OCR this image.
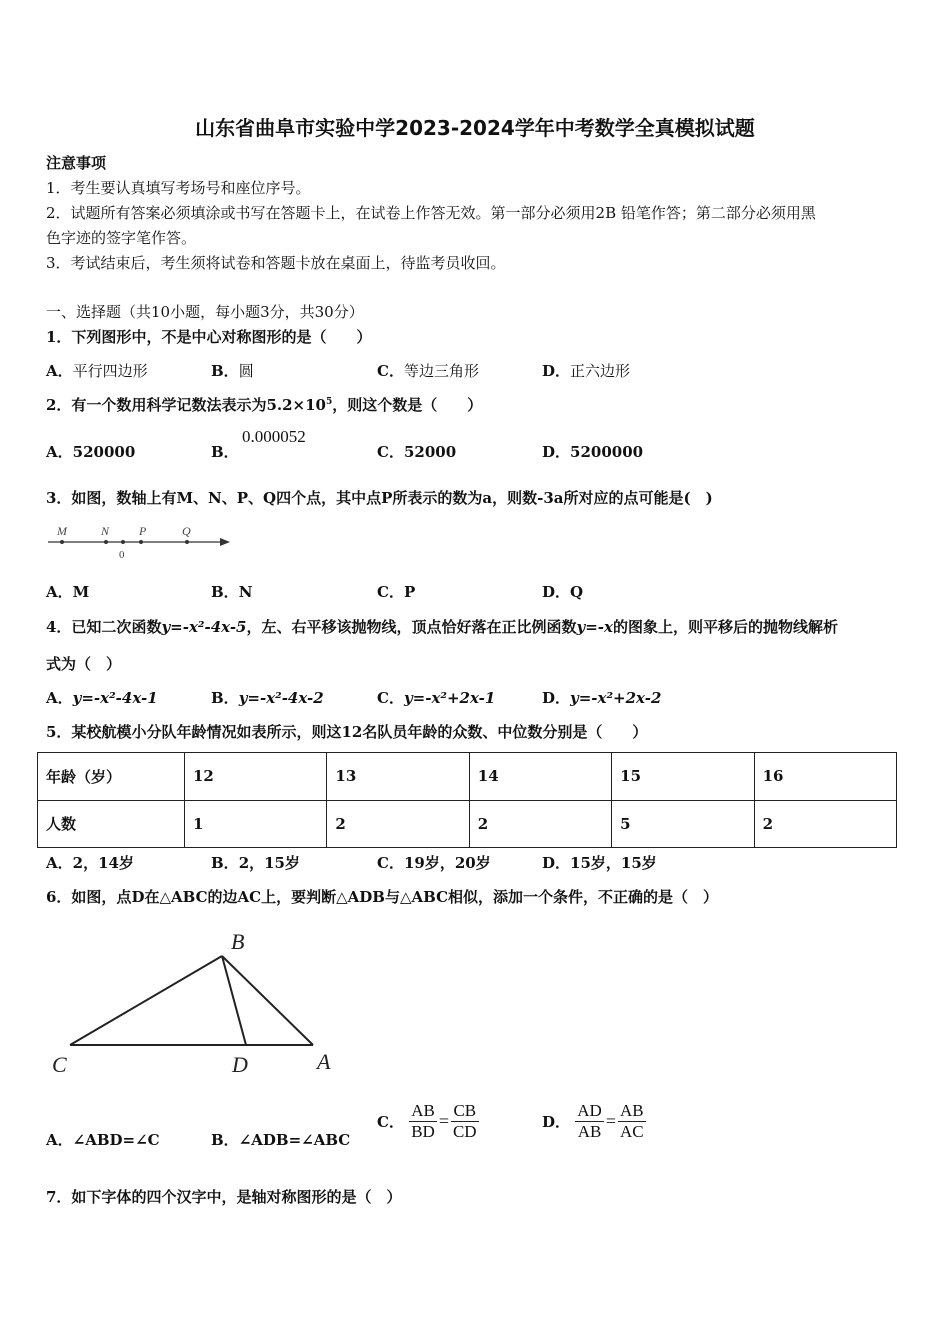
山东省曲阜市实验中学2023-2024学年中考数学全真模拟试题
注意事项
1．考生要认真填写考场号和座位序号。
2．试题所有答案必须填涂或书写在答题卡上，在试卷上作答无效。第一部分必须用2B 铅笔作答；第二部分必须用黑
色字迹的签字笔作答。
3．考试结束后，考生须将试卷和答题卡放在桌面上，待监考员收回。
一、选择题（共10小题，每小题3分，共30分）
1．下列图形中，不是中心对称图形的是（　　）
A．平行四边形	B．圆	C．等边三角形	D．正六边形
2．有一个数用科学记数法表示为$5.2\times 10^5$，则这个数是（　　）
A．520000	B．
0.000052
C．52000	D．5200000
3．如图，数轴上有M、N、P、Q四个点，其中点P所表示的数为a，则数-3a所对应的点可能是(　)
M	N P	Q
0
A．M	B．N	C．P	D．Q
4．已知二次函数y=-x²-4x-5，左、右平移该抛物线，顶点恰好落在正比例函数y=-x的图象上，则平移后的抛物线解析
式为（　）
A．y=-x²-4x-1	B．y=-x²-4x-2	C．y=-x²+2x-1	D．y=-x²+2x-2
5．某校航模小分队年龄情况如表所示，则这12名队员年龄的众数、中位数分别是（　　）
年龄（岁）	12	13	14	15	16
人数	1	2	2	5	2
A．2，14岁	B．2，15岁	C．19岁，20岁	D．15岁，15岁
6．如图，点D在△ABC的边AC上，要判断△ADB与△ABC相似，添加一个条件，不正确的是（　）
B
C	D	A
A．∠ABD=∠C	B．∠ADB=∠ABC
C． $\frac{AB}{BD} = \frac{CB}{CD}$	D． $\frac{AD}{AB} = \frac{AB}{AC}$
7．如下字体的四个汉字中，是轴对称图形的是（　）
